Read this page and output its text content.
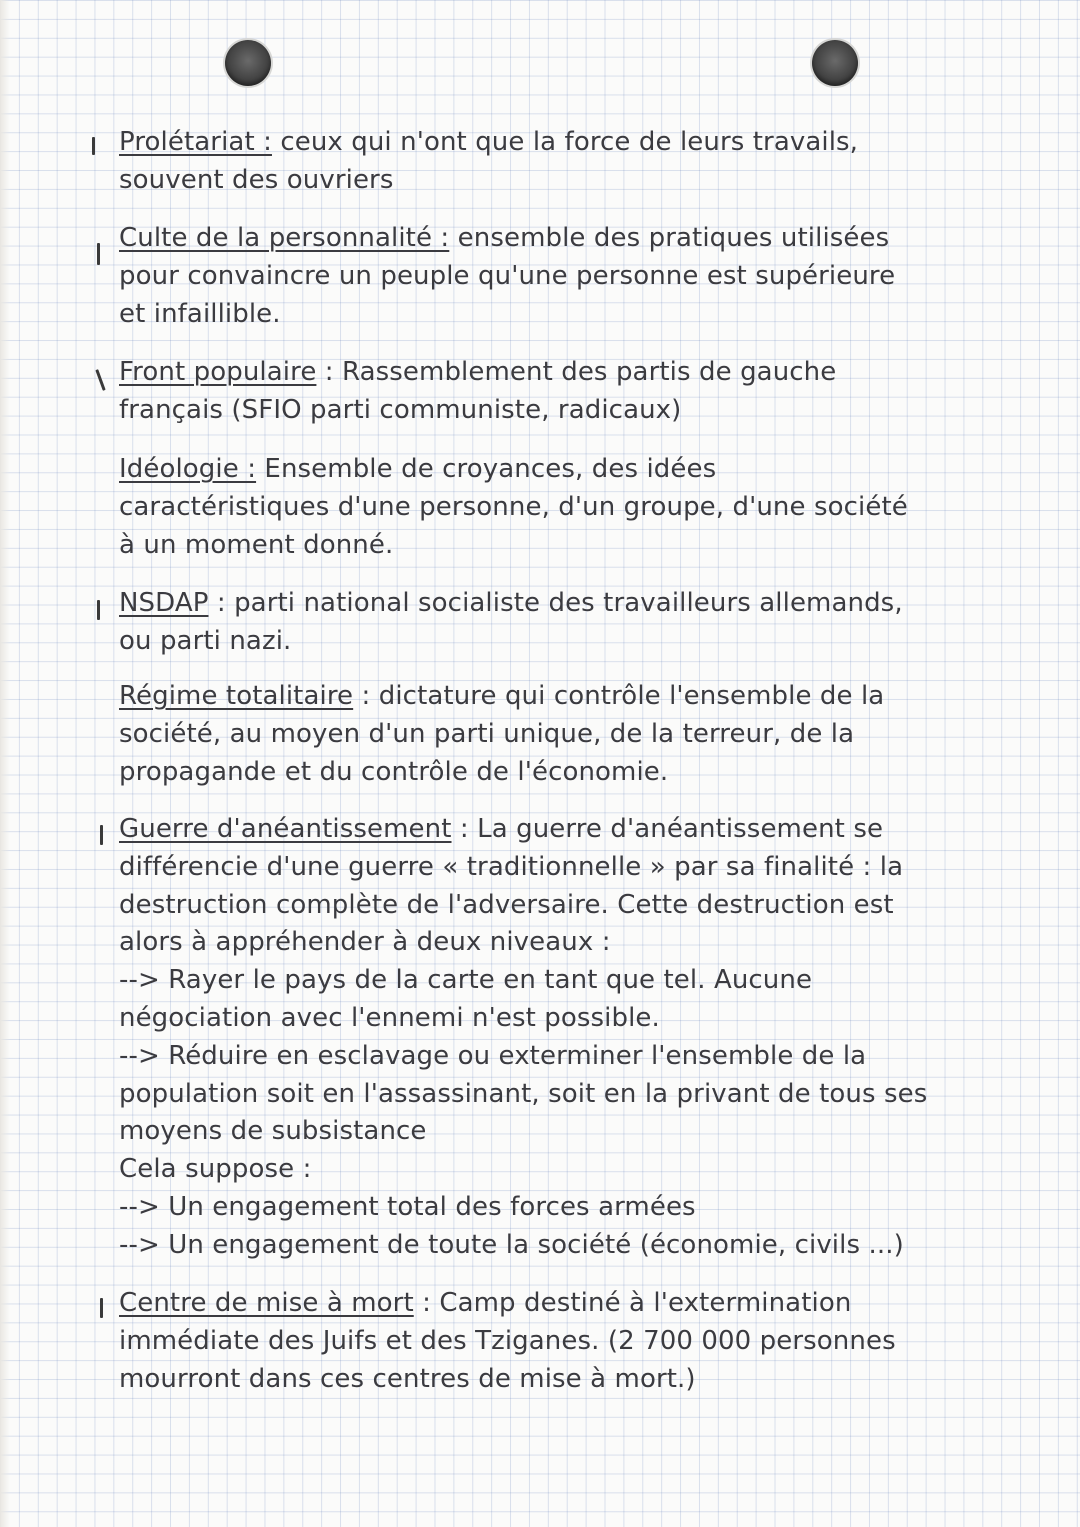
Prolétariat : ceux qui n'ont que la force de leurs travails,
souvent des ouvriers
Culte de la personnalité : ensemble des pratiques utilisées
pour convaincre un peuple qu'une personne est supérieure
et infaillible.
Front populaire : Rassemblement des partis de gauche
français (SFIO parti communiste, radicaux)
Idéologie : Ensemble de croyances, des idées
caractéristiques d'une personne, d'un groupe, d'une société
à un moment donné.
NSDAP : parti national socialiste des travailleurs allemands,
ou parti nazi.
Régime totalitaire : dictature qui contrôle l'ensemble de la
société, au moyen d'un parti unique, de la terreur, de la
propagande et du contrôle de l'économie.
Guerre d'anéantissement : La guerre d'anéantissement se
différencie d'une guerre « traditionnelle » par sa finalité : la
destruction complète de l'adversaire. Cette destruction est
alors à appréhender à deux niveaux :
--> Rayer le pays de la carte en tant que tel. Aucune
négociation avec l'ennemi n'est possible.
--> Réduire en esclavage ou exterminer l'ensemble de la
population soit en l'assassinant, soit en la privant de tous ses
moyens de subsistance
Cela suppose :
--> Un engagement total des forces armées
--> Un engagement de toute la société (économie, civils ...)
Centre de mise à mort : Camp destiné à l'extermination
immédiate des Juifs et des Tziganes. (2 700 000 personnes
mourront dans ces centres de mise à mort.)
